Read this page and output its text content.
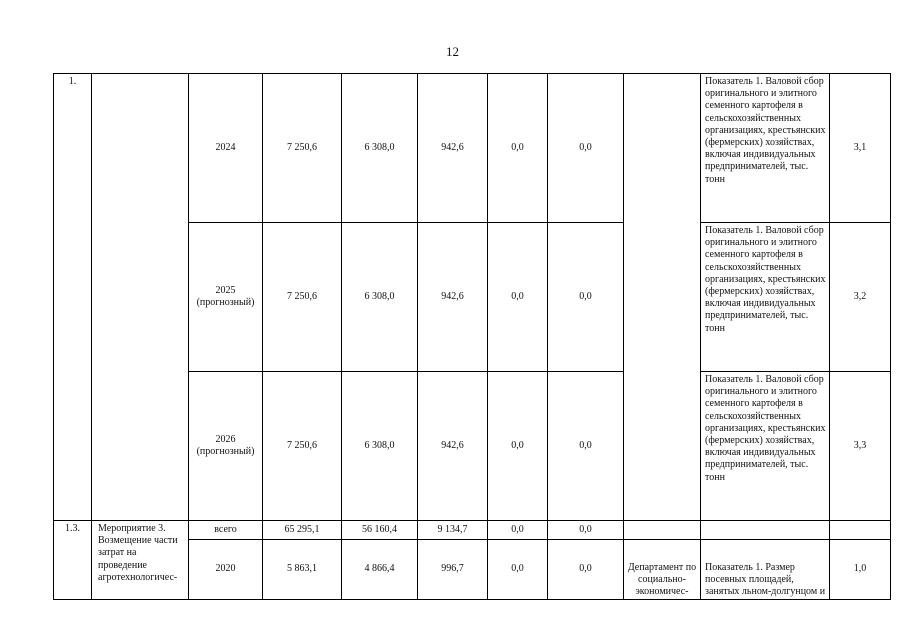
12
1.		2024	7 250,6	6 308,0	942,6	0,0	0,0		Показатель 1. Валовой сбор оригинального и элитного семенного картофеля в сельскохозяйственных организациях, крестьянских (фермерских) хозяйствах, включая индивидуальных предпринимателей, тыс. тонн	3,1
		2025 (прогнозный)	7 250,6	6 308,0	942,6	0,0	0,0		Показатель 1. Валовой сбор оригинального и элитного семенного картофеля в сельскохозяйственных организациях, крестьянских (фермерских) хозяйствах, включая индивидуальных предпринимателей, тыс. тонн	3,2
		2026 (прогнозный)	7 250,6	6 308,0	942,6	0,0	0,0		Показатель 1. Валовой сбор оригинального и элитного семенного картофеля в сельскохозяйственных организациях, крестьянских (фермерских) хозяйствах, включая индивидуальных предпринимателей, тыс. тонн	3,3
1.3.	Мероприятие 3. Возмещение части затрат на проведение агротехнологичес-	всего	65 295,1	56 160,4	9 134,7	0,0	0,0			
		2020	5 863,1	4 866,4	996,7	0,0	0,0	Департамент по социально-экономичес-	Показатель 1. Размер посевных площадей, занятых льном-долгунцом и	1,0
